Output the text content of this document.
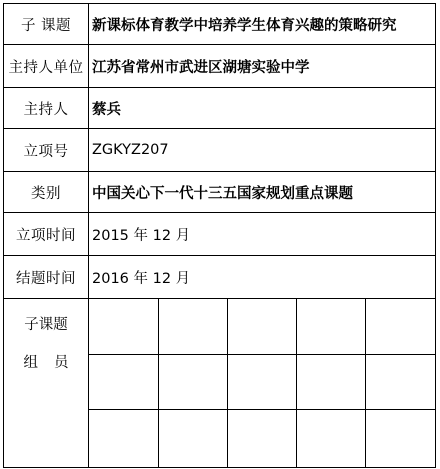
子 课题	新课标体育教学中培养学生体育兴趣的策略研究
主持人单位	江苏省常州市武进区湖塘实验中学
主持人	蔡兵
立项号	ZGKYZ207
类别	中国关心下一代十三五国家规划重点课题
立项时间	2015 年 12 月
结题时间	2016 年 12 月

子课题
组员
